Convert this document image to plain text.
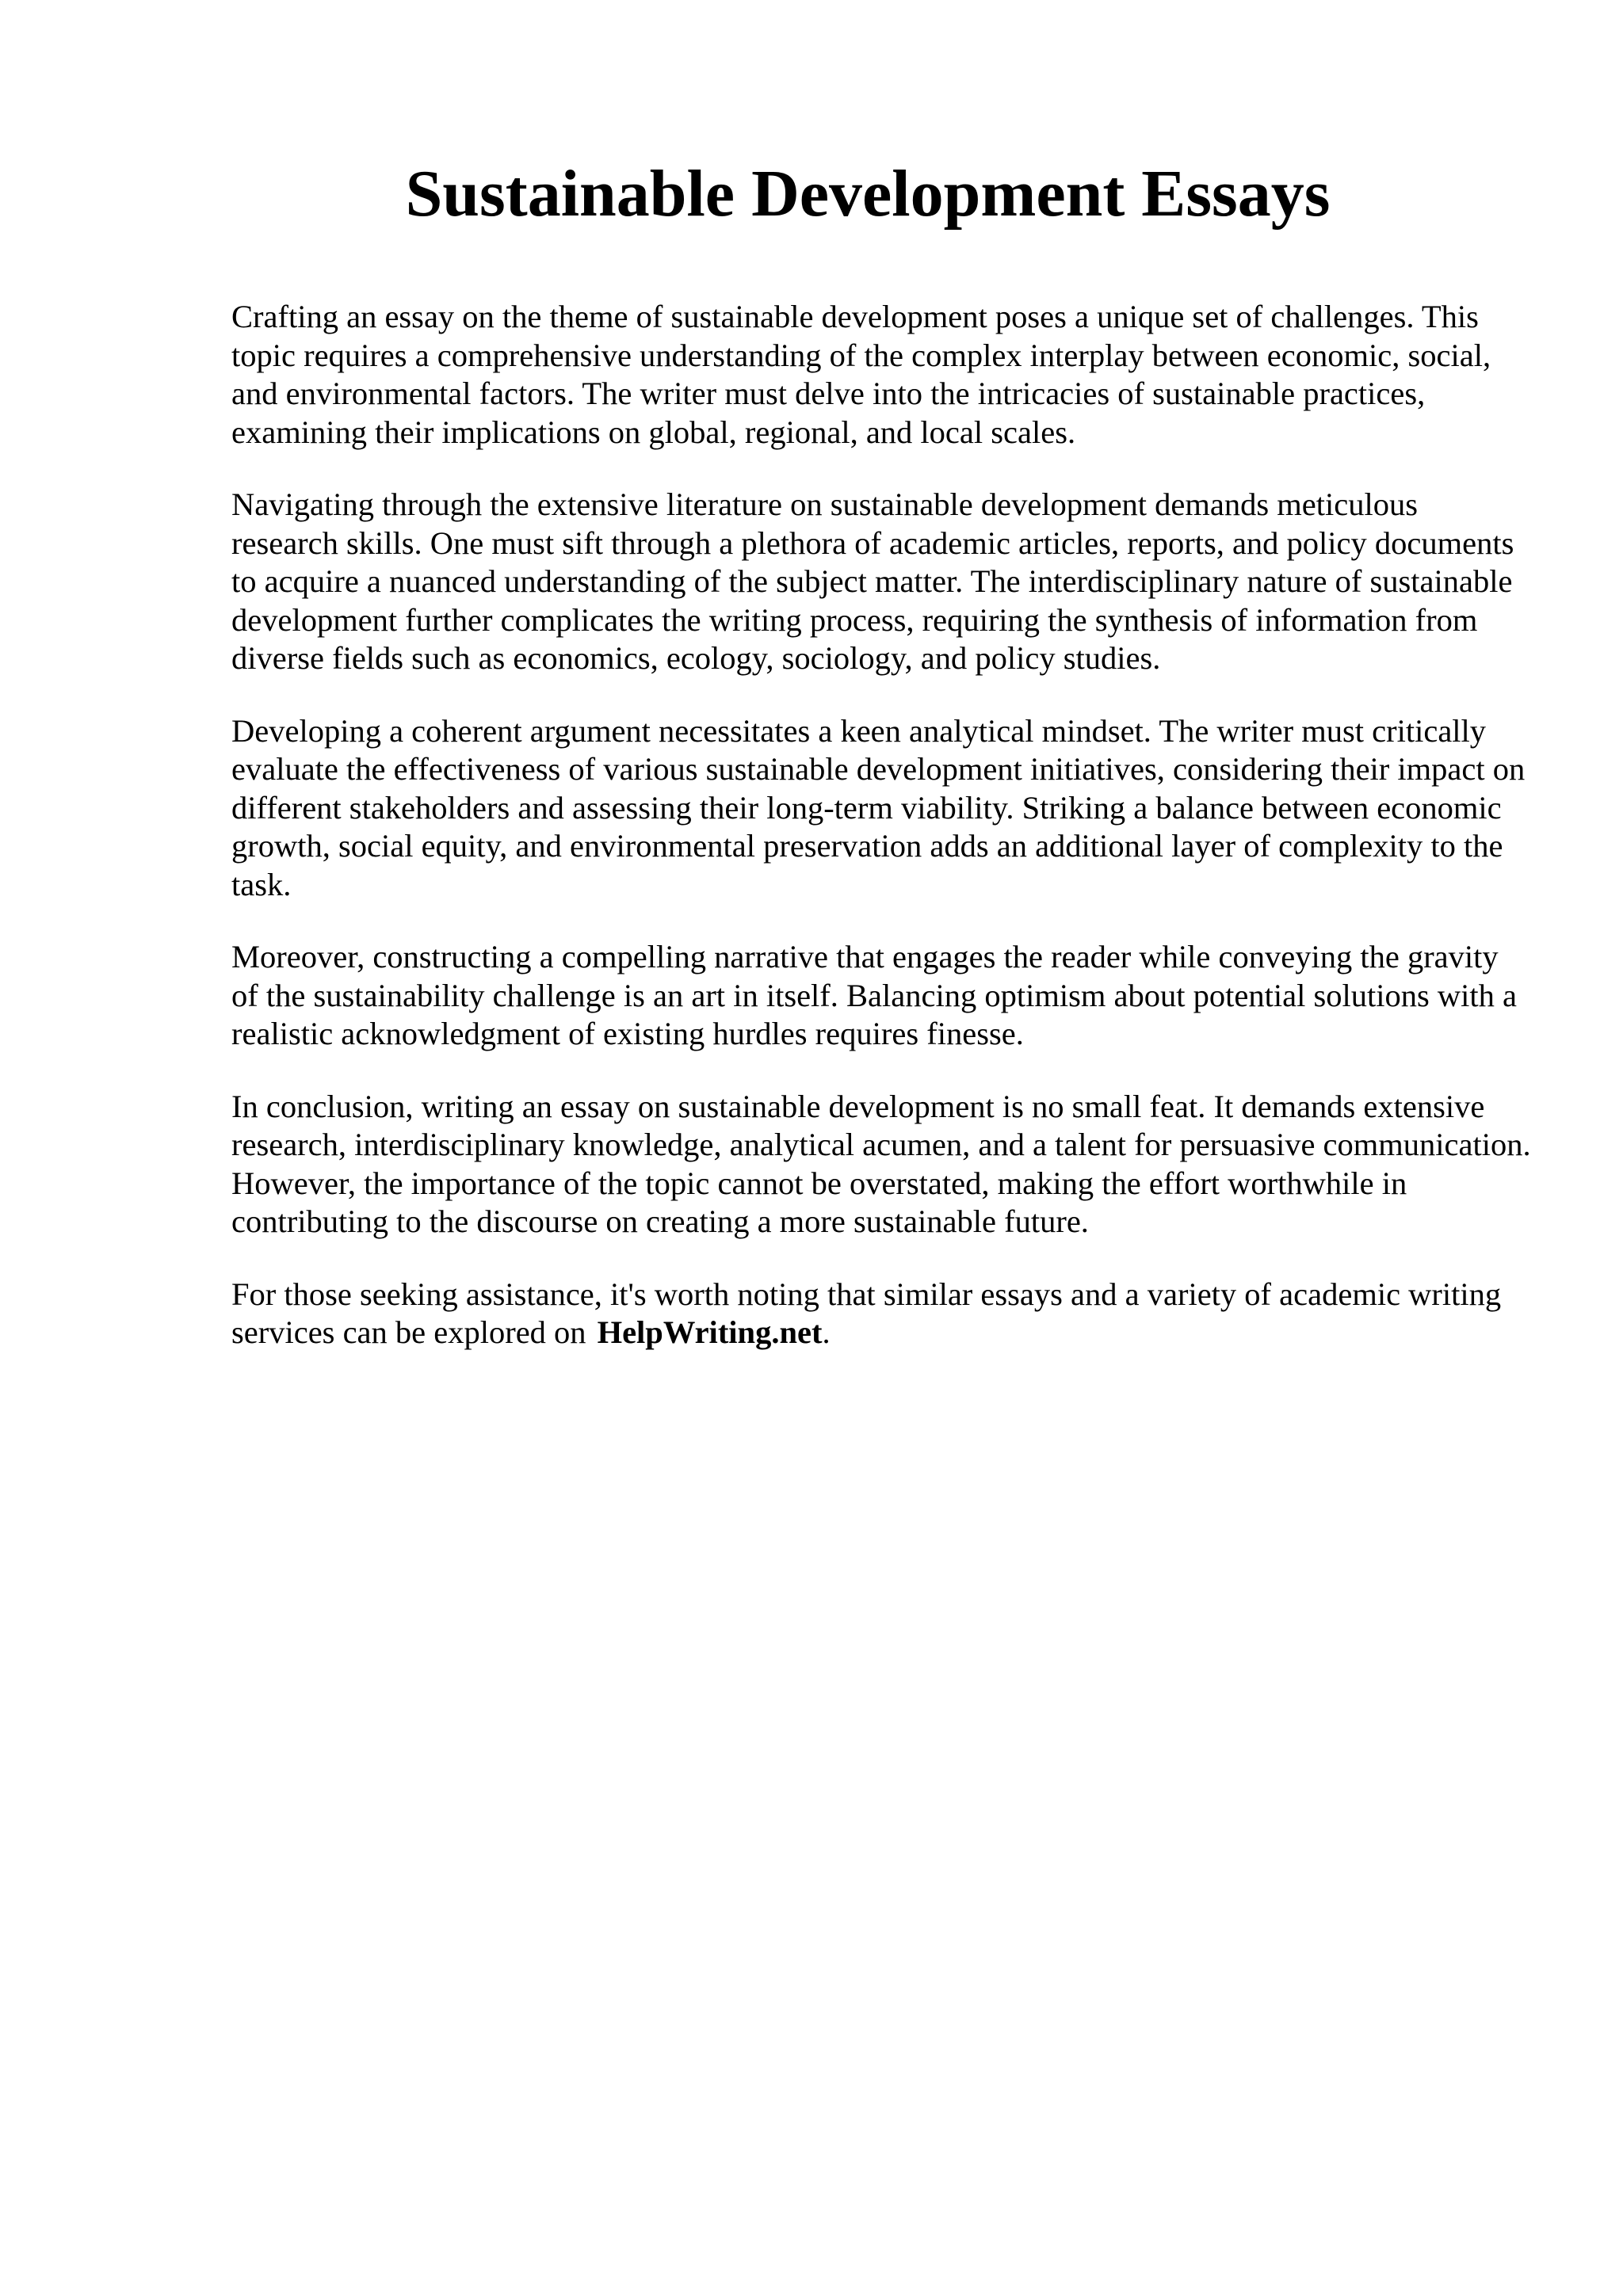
Sustainable Development Essays

Crafting an essay on the theme of sustainable development poses a unique set of challenges. This topic requires a comprehensive understanding of the complex interplay between economic, social, and environmental factors. The writer must delve into the intricacies of sustainable practices, examining their implications on global, regional, and local scales.

Navigating through the extensive literature on sustainable development demands meticulous research skills. One must sift through a plethora of academic articles, reports, and policy documents to acquire a nuanced understanding of the subject matter. The interdisciplinary nature of sustainable development further complicates the writing process, requiring the synthesis of information from diverse fields such as economics, ecology, sociology, and policy studies.

Developing a coherent argument necessitates a keen analytical mindset. The writer must critically evaluate the effectiveness of various sustainable development initiatives, considering their impact on different stakeholders and assessing their long-term viability. Striking a balance between economic growth, social equity, and environmental preservation adds an additional layer of complexity to the task.

Moreover, constructing a compelling narrative that engages the reader while conveying the gravity of the sustainability challenge is an art in itself. Balancing optimism about potential solutions with a realistic acknowledgment of existing hurdles requires finesse.

In conclusion, writing an essay on sustainable development is no small feat. It demands extensive research, interdisciplinary knowledge, analytical acumen, and a talent for persuasive communication. However, the importance of the topic cannot be overstated, making the effort worthwhile in contributing to the discourse on creating a more sustainable future.

For those seeking assistance, it's worth noting that similar essays and a variety of academic writing services can be explored on HelpWriting.net.
